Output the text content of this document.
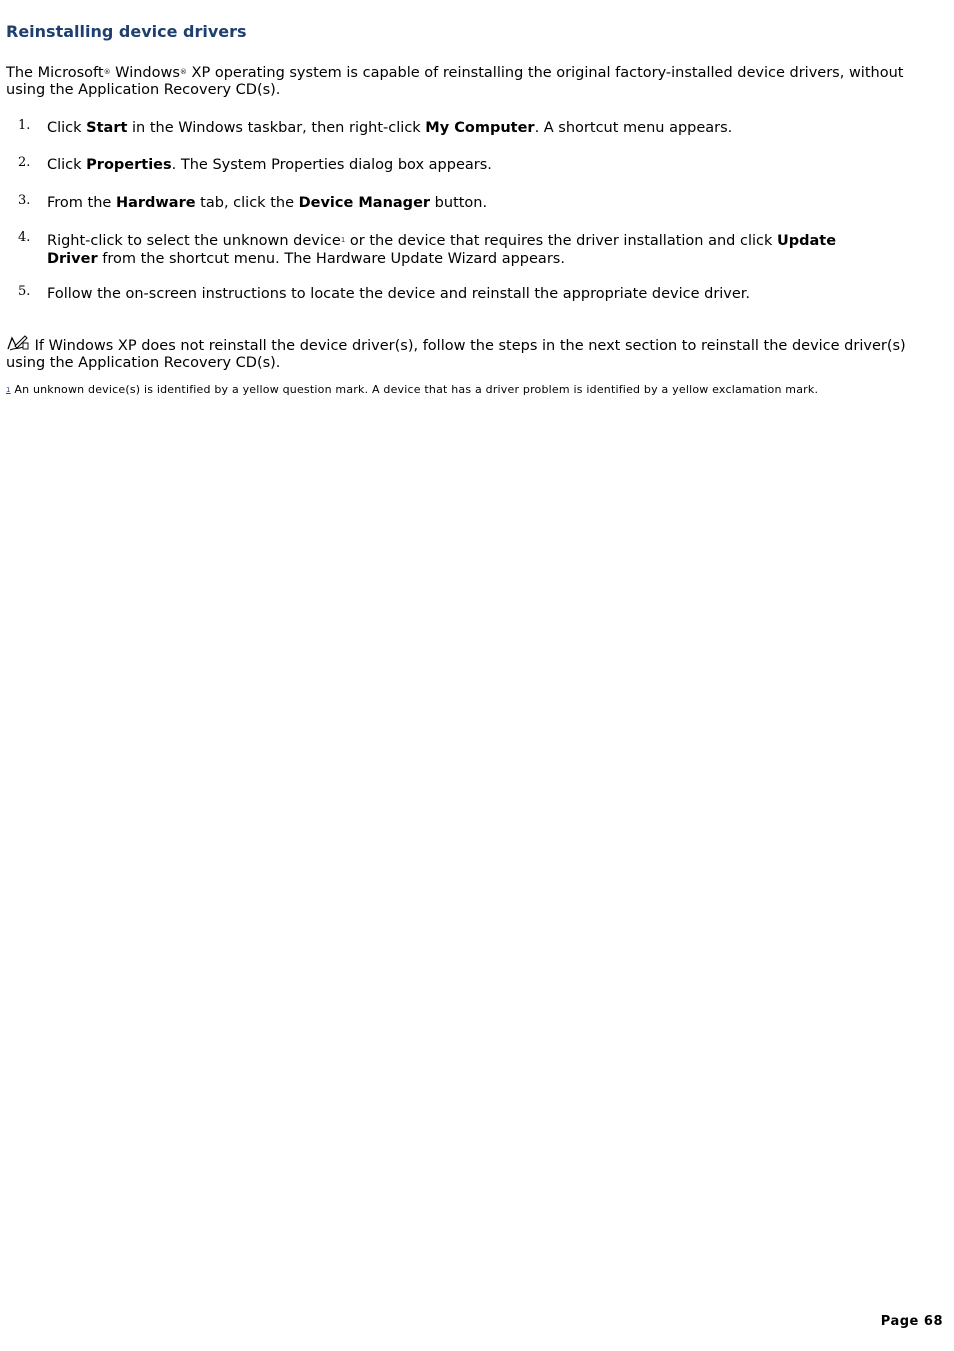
Reinstalling device drivers

The Microsoft® Windows® XP operating system is capable of reinstalling the original factory-installed device drivers, without using the Application Recovery CD(s).

1. Click Start in the Windows taskbar, then right-click My Computer. A shortcut menu appears.
2. Click Properties. The System Properties dialog box appears.
3. From the Hardware tab, click the Device Manager button.
4. Right-click to select the unknown device$^1$ or the device that requires the driver installation and click Update Driver from the shortcut menu. The Hardware Update Wizard appears.
5. Follow the on-screen instructions to locate the device and reinstall the appropriate device driver.

If Windows XP does not reinstall the device driver(s), follow the steps in the next section to reinstall the device driver(s) using the Application Recovery CD(s).

1 An unknown device(s) is identified by a yellow question mark. A device that has a driver problem is identified by a yellow exclamation mark.

Page 68
